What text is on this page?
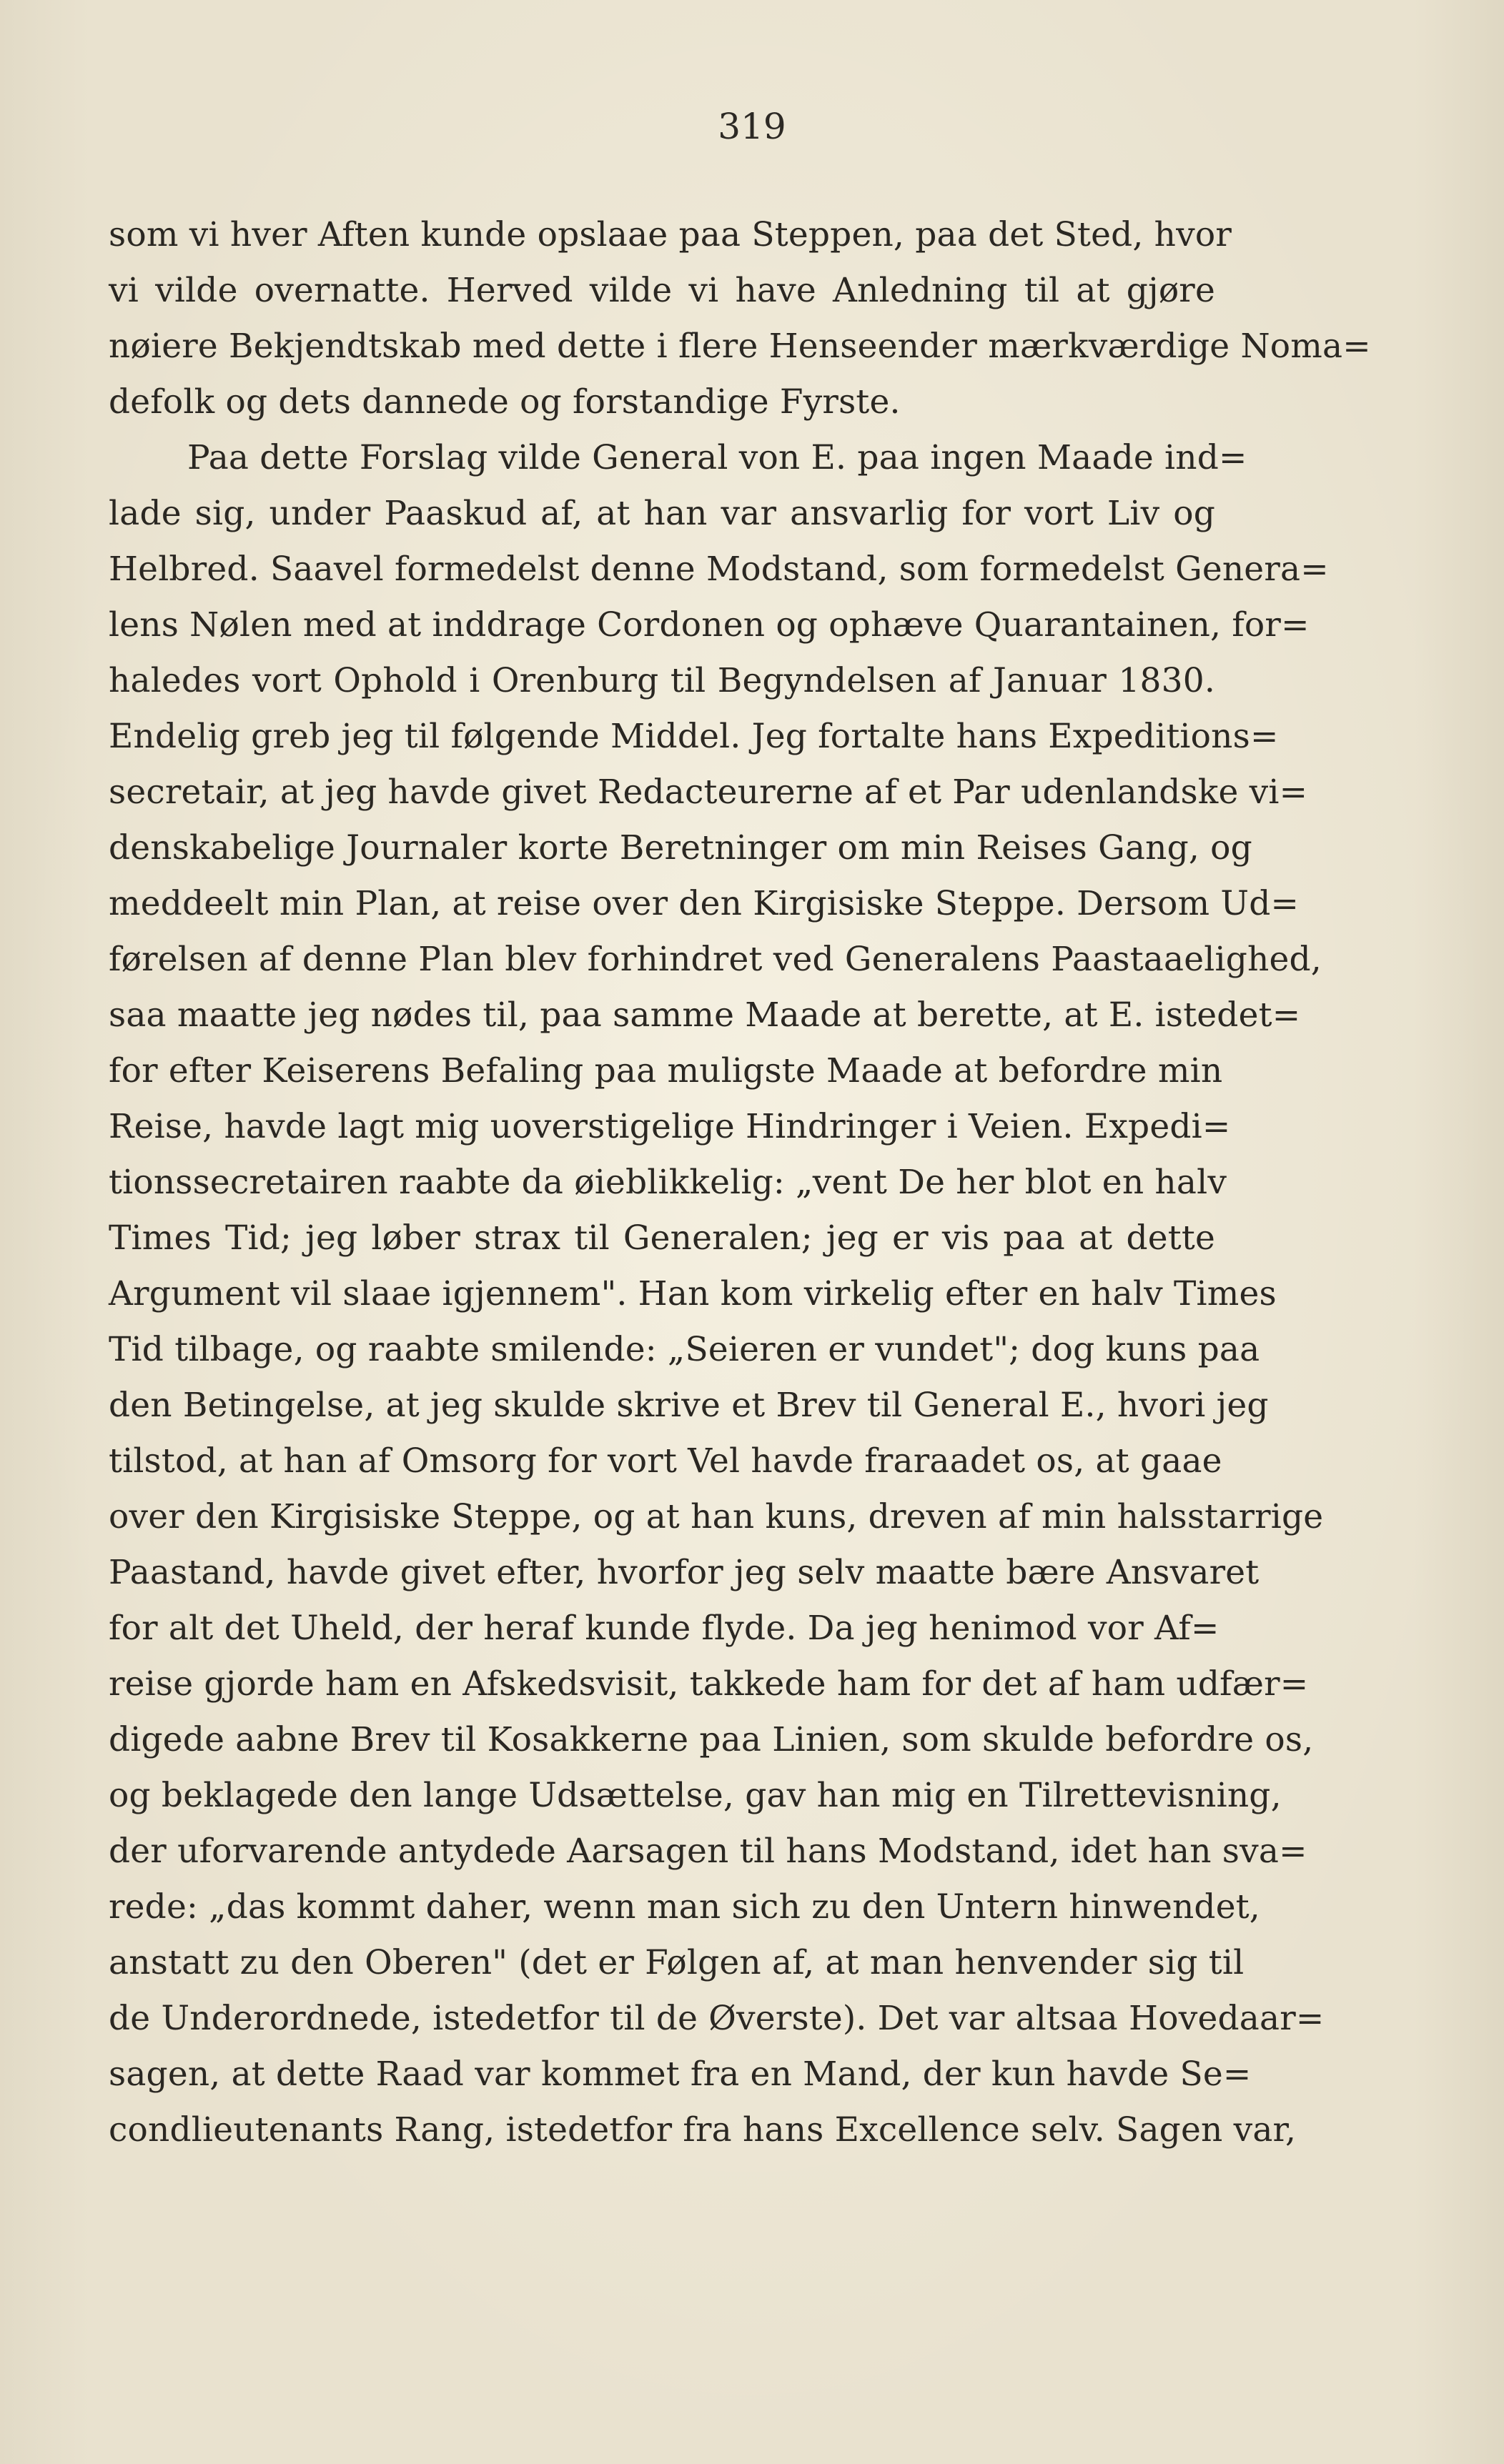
319
som vi hver Aften kunde opslaae paa Steppen, paa det Sted, hvor
vi vilde overnatte. Herved vilde vi have Anledning til at gjøre
nøiere Bekjendtskab med dette i flere Henseender mærkværdige Noma=
defolk og dets dannede og forstandige Fyrste.
Paa dette Forslag vilde General von E. paa ingen Maade ind=
lade sig, under Paaskud af, at han var ansvarlig for vort Liv og
Helbred. Saavel formedelst denne Modstand, som formedelst Genera=
lens Nølen med at inddrage Cordonen og ophæve Quarantainen, for=
haledes vort Ophold i Orenburg til Begyndelsen af Januar 1830.
Endelig greb jeg til følgende Middel. Jeg fortalte hans Expeditions=
secretair, at jeg havde givet Redacteurerne af et Par udenlandske vi=
denskabelige Journaler korte Beretninger om min Reises Gang, og
meddeelt min Plan, at reise over den Kirgisiske Steppe. Dersom Ud=
førelsen af denne Plan blev forhindret ved Generalens Paastaaelighed,
saa maatte jeg nødes til, paa samme Maade at berette, at E. istedet=
for efter Keiserens Befaling paa muligste Maade at befordre min
Reise, havde lagt mig uoverstigelige Hindringer i Veien. Expedi=
tionssecretairen raabte da øieblikkelig: „vent De her blot en halv
Times Tid; jeg løber strax til Generalen; jeg er vis paa at dette
Argument vil slaae igjennem". Han kom virkelig efter en halv Times
Tid tilbage, og raabte smilende: „Seieren er vundet"; dog kuns paa
den Betingelse, at jeg skulde skrive et Brev til General E., hvori jeg
tilstod, at han af Omsorg for vort Vel havde fraraadet os, at gaae
over den Kirgisiske Steppe, og at han kuns, dreven af min halsstarrige
Paastand, havde givet efter, hvorfor jeg selv maatte bære Ansvaret
for alt det Uheld, der heraf kunde flyde. Da jeg henimod vor Af=
reise gjorde ham en Afskedsvisit, takkede ham for det af ham udfær=
digede aabne Brev til Kosakkerne paa Linien, som skulde befordre os,
og beklagede den lange Udsættelse, gav han mig en Tilrettevisning,
der uforvarende antydede Aarsagen til hans Modstand, idet han sva=
rede: „das kommt daher, wenn man sich zu den Untern hinwendet,
anstatt zu den Oberen" (det er Følgen af, at man henvender sig til
de Underordnede, istedetfor til de Øverste). Det var altsaa Hovedaar=
sagen, at dette Raad var kommet fra en Mand, der kun havde Se=
condlieutenants Rang, istedetfor fra hans Excellence selv. Sagen var,
